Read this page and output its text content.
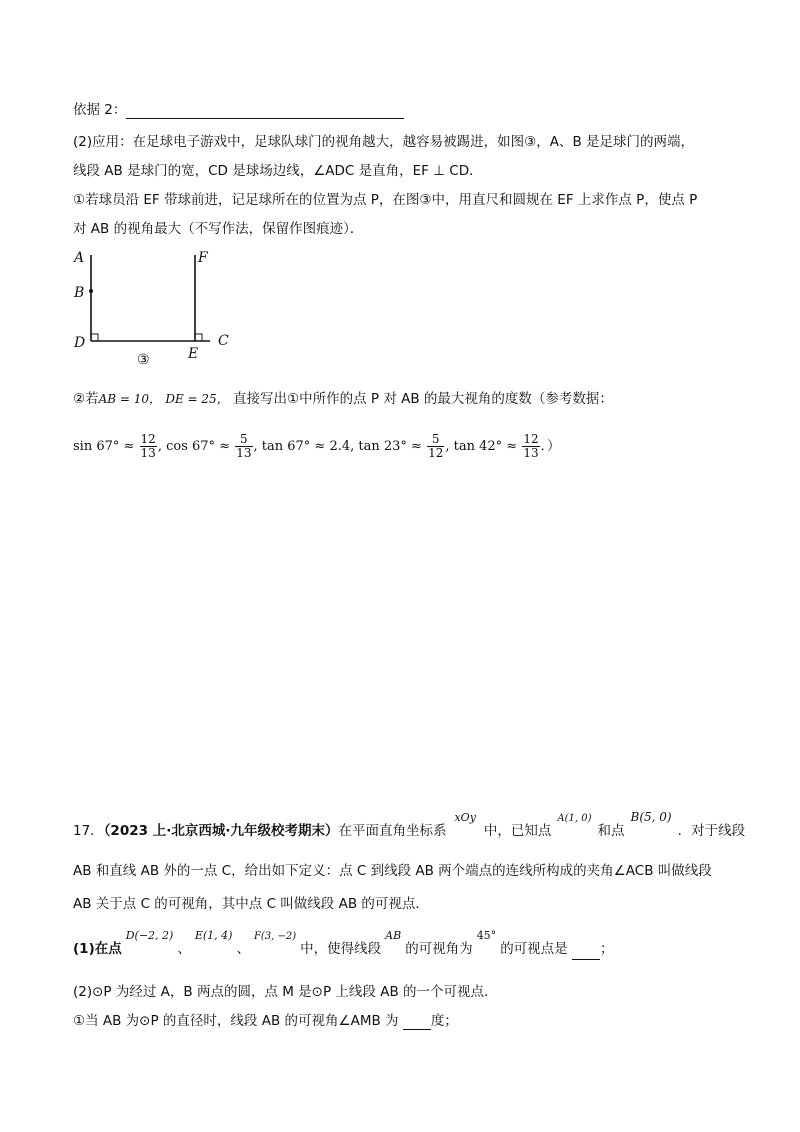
依据 2：
(2)应用：在足球电子游戏中，足球队球门的视角越大，越容易被踢进，如图③，A、B 是足球门的两端，
线段 AB 是球门的宽，CD 是球场边线，∠ADC 是直角，EF ⊥ CD．
①若球员沿 EF 带球前进，记足球所在的位置为点 P，在图③中，用直尺和圆规在 EF 上求作点 P，使点 P
对 AB 的视角最大（不写作法，保留作图痕迹）．
A
B
D
E
F
C
③
②若AB = 10， DE = 25， 直接写出①中所作的点 P 对 AB 的最大视角的度数（参考数据：
$\sin 67^\circ \approx \frac{12}{13}$ , $\cos 67^\circ \approx \frac{5}{13}$ , tan 67° ≈ 2.4, $\tan 23^\circ \approx \frac{5}{12}$ , $\tan 42^\circ \approx \frac{12}{13}$ ．）
17．（2023 上·北京西城·九年级校考期末）在平面直角坐标系$^{xOy}$中，已知点$^{A(1, 0)}$和点B(5, 0)．对于线段
AB 和直线 AB 外的一点 C，给出如下定义：点 C 到线段 AB 两个端点的连线所构成的夹角∠ACB 叫做线段
AB 关于点 C 的可视角，其中点 C 叫做线段 AB 的可视点．
(1)在点$^{D(-2, 2)}$、$^{E(1, 4)}$、$^{F(3, -2)}$中，使得线段$^{AB}$的可视角为$^{45^\circ}$的可视点是 ；
(2)⊙P 为经过 A，B 两点的圆，点 M 是⊙P 上线段 AB 的一个可视点．
①当 AB 为⊙P 的直径时，线段 AB 的可视角∠AMB 为 度；
